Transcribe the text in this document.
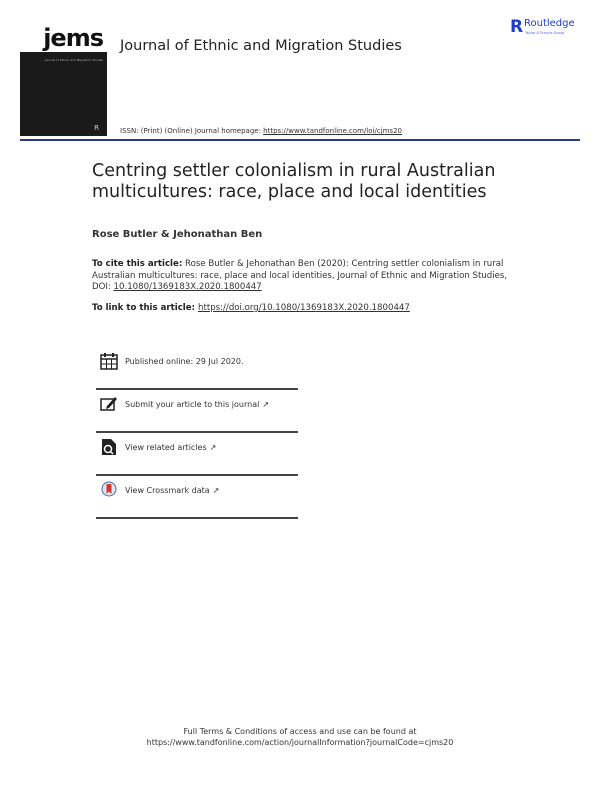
jems
Journal of Ethnic and Migration Studies
R
Journal of Ethnic and Migration Studies
R Routledge
Taylor & Francis Group
ISSN: (Print) (Online) Journal homepage: https://www.tandfonline.com/loi/cjms20
Centring settler colonialism in rural Australian multicultures: race, place and local identities
Rose Butler & Jehonathan Ben
To cite this article: Rose Butler & Jehonathan Ben (2020): Centring settler colonialism in rural Australian multicultures: race, place and local identities, Journal of Ethnic and Migration Studies, DOI: 10.1080/1369183X.2020.1800447
To link to this article: https://doi.org/10.1080/1369183X.2020.1800447
Published online: 29 Jul 2020.
Submit your article to this journal ↗
View related articles ↗
View Crossmark data ↗
Full Terms & Conditions of access and use can be found at
https://www.tandfonline.com/action/journalInformation?journalCode=cjms20
